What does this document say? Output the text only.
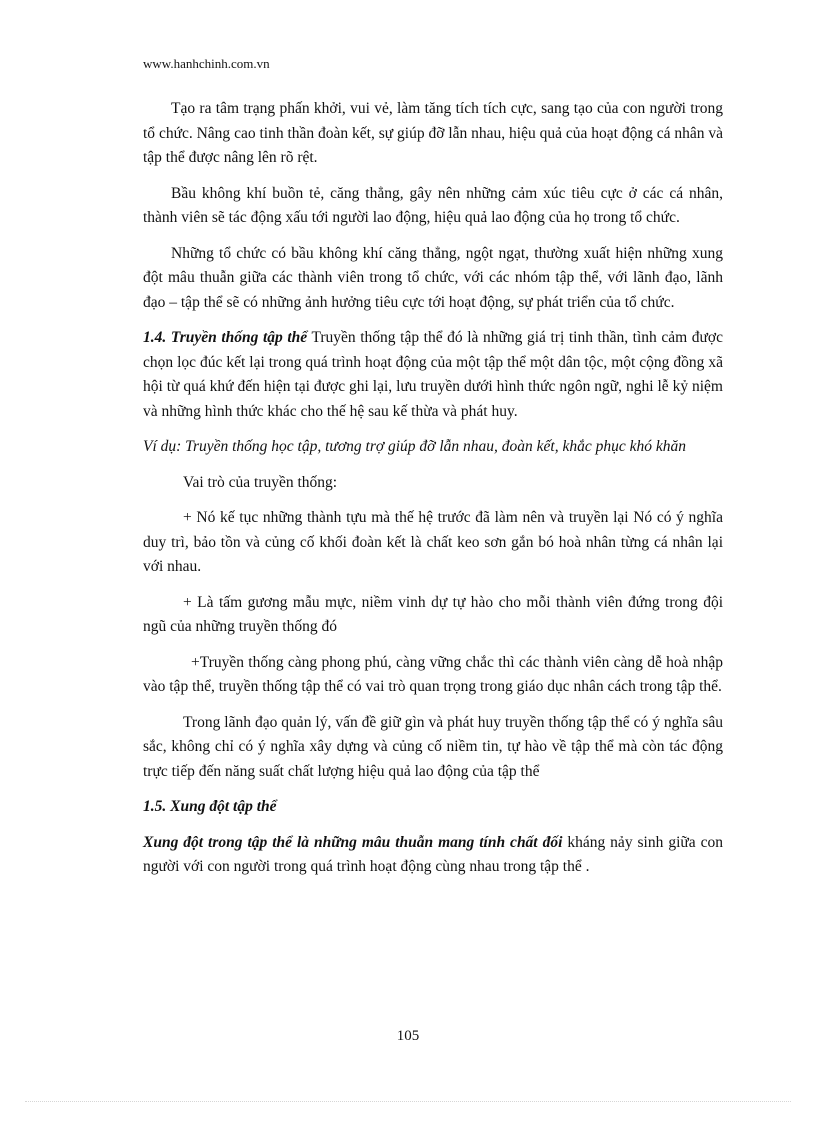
www.hanhchinh.com.vn

Tạo ra tâm trạng phấn khởi, vui vẻ, làm tăng tích tích cực, sang tạo của con người trong tổ chức. Nâng cao tinh thần đoàn kết, sự giúp đỡ lẫn nhau, hiệu quả của hoạt động cá nhân và tập thể được nâng lên rõ rệt.

Bầu không khí buồn tẻ, căng thẳng, gây nên những cảm xúc tiêu cực ở các cá nhân, thành viên sẽ tác động xấu tới người lao động, hiệu quả lao động của họ trong tổ chức.

Những tổ chức có bầu không khí căng thẳng, ngột ngạt, thường xuất hiện những xung đột mâu thuẫn giữa các thành viên trong tổ chức, với các nhóm tập thể, với lãnh đạo, lãnh đạo – tập thể sẽ có những ảnh hưởng tiêu cực tới hoạt động, sự phát triển của tổ chức.

1.4. Truyền thống tập thể Truyền thống tập thể đó là những giá trị tinh thần, tình cảm được chọn lọc đúc kết lại trong quá trình hoạt động của một tập thể một dân tộc, một cộng đồng xã hội từ quá khứ đến hiện tại được ghi lại, lưu truyền dưới hình thức ngôn ngữ, nghi lễ kỷ niệm và những hình thức khác cho thế hệ sau kế thừa và phát huy.

Ví dụ: Truyền thống học tập, tương trợ giúp đỡ lẫn nhau, đoàn kết, khắc phục khó khăn

Vai trò của truyền thống:

+ Nó kế tục những thành tựu mà thế hệ trước đã làm nên và truyền lại Nó có ý nghĩa duy trì, bảo tồn và củng cố khối đoàn kết là chất keo sơn gắn bó hoà nhân từng cá nhân lại với nhau.

+ Là tấm gương mẫu mực, niềm vinh dự tự hào cho mỗi thành viên đứng trong đội ngũ của những truyền thống đó

+Truyền thống càng phong phú, càng vững chắc thì các thành viên càng dễ hoà nhập vào tập thể, truyền thống tập thể có vai trò quan trọng trong giáo dục nhân cách trong tập thể.

Trong lãnh đạo quản lý, vấn đề giữ gìn và phát huy truyền thống tập thể có ý nghĩa sâu sắc, không chỉ có ý nghĩa xây dựng và củng cố niềm tin, tự hào về tập thể mà còn tác động trực tiếp đến năng suất chất lượng hiệu quả lao động của tập thể

1.5. Xung đột tập thể

Xung đột trong tập thể là những mâu thuẫn mang tính chất đối kháng nảy sinh giữa con người với con người trong quá trình hoạt động cùng nhau trong tập thể .

105
